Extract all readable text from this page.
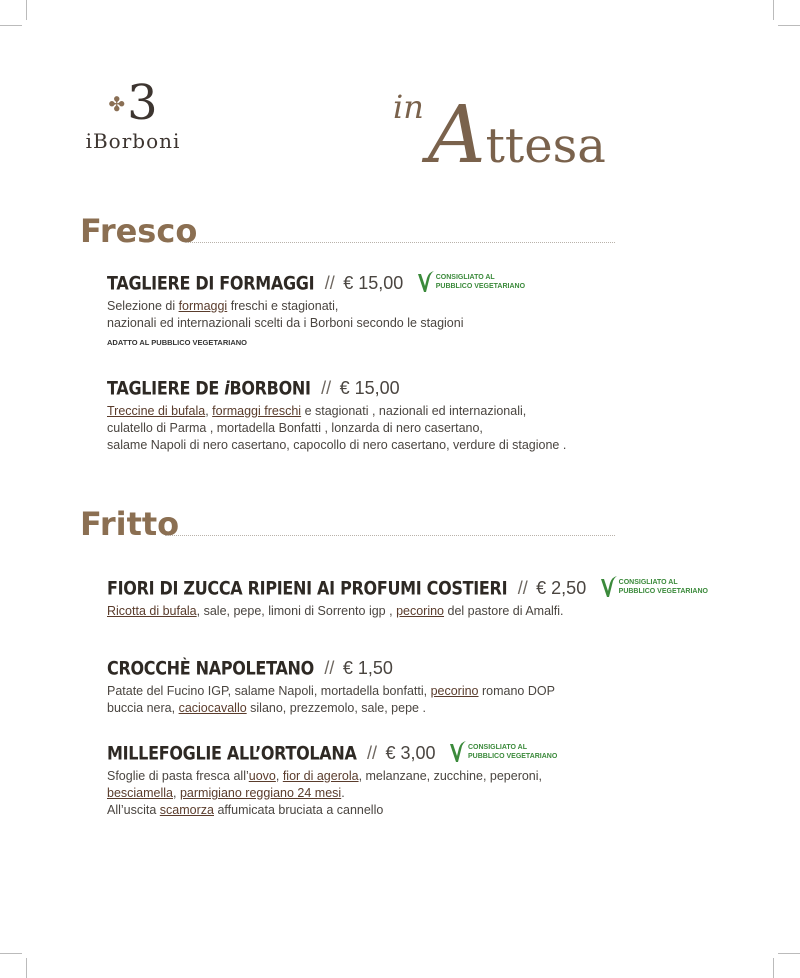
✤3
iBorboni
inAttesa
Fresco
TAGLIERE DI FORMAGGI // € 15,00	CONSIGLIATO AL
PUBBLICO VEGETARIANO
Selezione di formaggi freschi e stagionati,
nazionali ed internazionali scelti da i Borboni secondo le stagioni
ADATTO AL PUBBLICO VEGETARIANO
TAGLIERE DE iBORBONI // € 15,00
Treccine di bufala, formaggi freschi e stagionati , nazionali ed internazionali,
culatello di Parma , mortadella Bonfatti , lonzarda di nero casertano,
salame Napoli di nero casertano, capocollo di nero casertano, verdure di stagione .
Fritto
FIORI DI ZUCCA RIPIENI AI PROFUMI COSTIERI // € 2,50	CONSIGLIATO AL
PUBBLICO VEGETARIANO
Ricotta di bufala, sale, pepe, limoni di Sorrento igp , pecorino del pastore di Amalfi.
CROCCHÈ NAPOLETANO // € 1,50
Patate del Fucino IGP, salame Napoli, mortadella bonfatti, pecorino romano DOP
buccia nera, caciocavallo silano, prezzemolo, sale, pepe .
MILLEFOGLIE ALL’ORTOLANA // € 3,00	CONSIGLIATO AL
PUBBLICO VEGETARIANO
Sfoglie di pasta fresca all’uovo, fior di agerola, melanzane, zucchine, peperoni,
besciamella, parmigiano reggiano 24 mesi.
All’uscita scamorza affumicata bruciata a cannello
